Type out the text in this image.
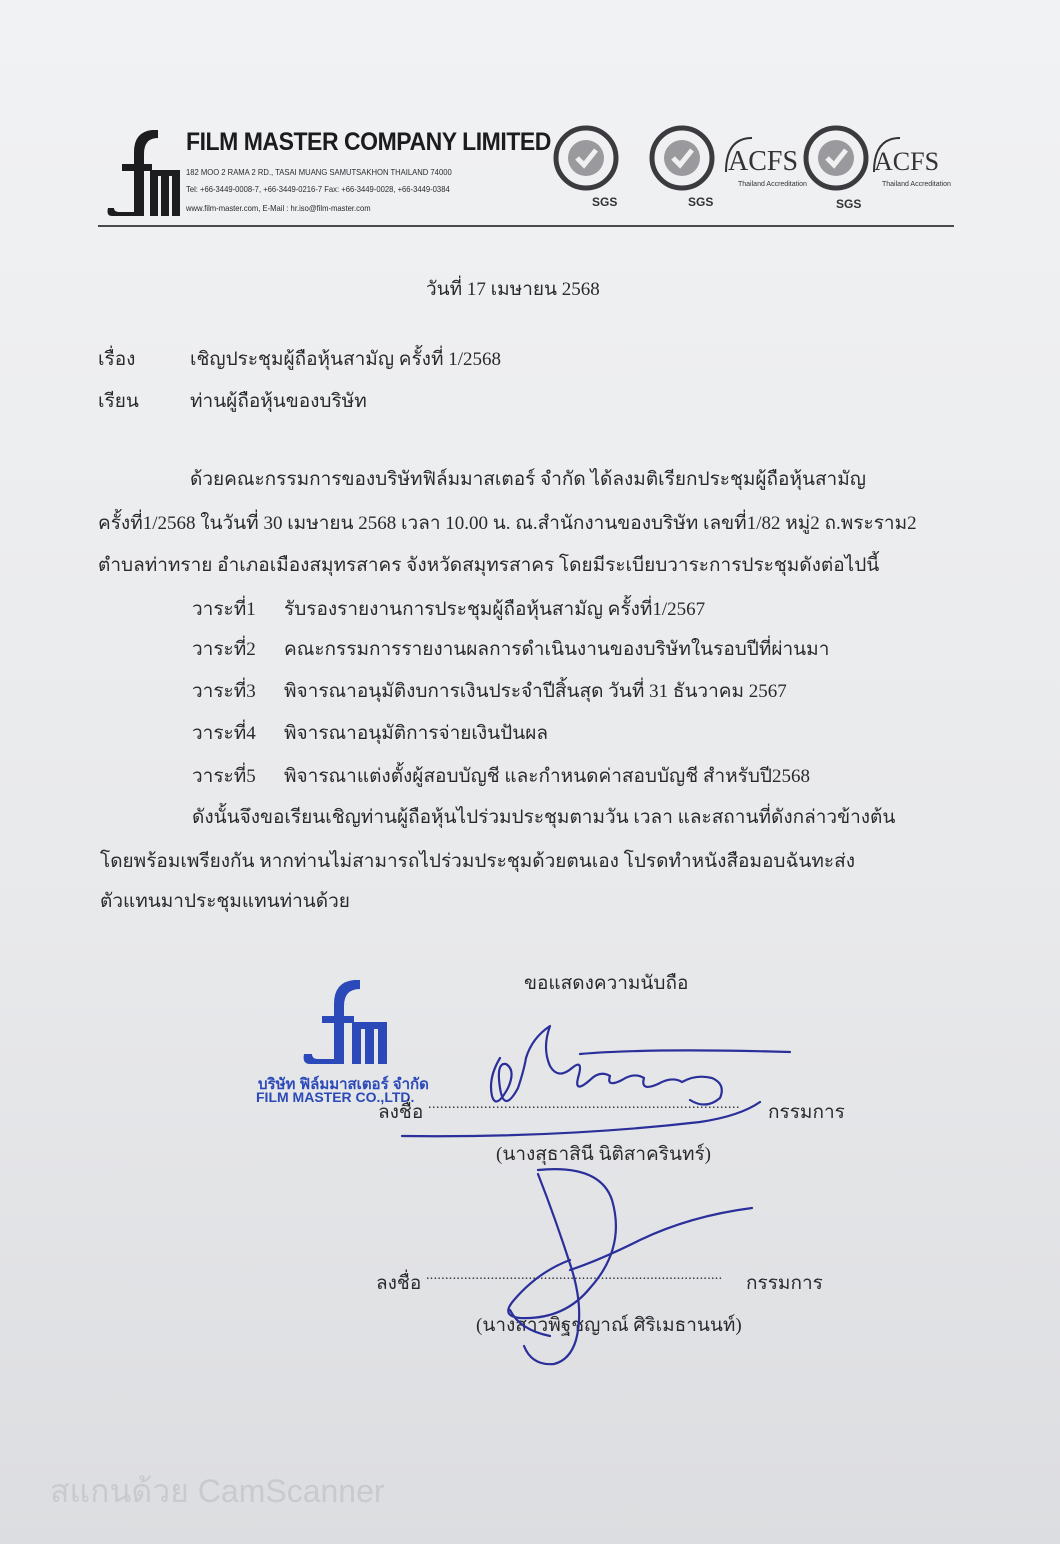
FILM MASTER COMPANY LIMITED
182 MOO 2 RAMA 2 RD., TASAI MUANG SAMUTSAKHON THAILAND 74000
Tel: +66-3449-0008-7, +66-3449-0216-7 Fax: +66-3449-0028, +66-3449-0384
www.film-master.com, E-Mail : hr.iso@film-master.com	SGS	SGS
ACFS
Thailand Accreditation
SGS
ACFS
Thailand Accreditation
วันที่ 17 เมษายน 2568
เรื่อง	เชิญประชุมผู้ถือหุ้นสามัญ ครั้งที่ 1/2568
เรียน	ท่านผู้ถือหุ้นของบริษัท
ด้วยคณะกรรมการของบริษัทฟิล์มมาสเตอร์ จำกัด ได้ลงมติเรียกประชุมผู้ถือหุ้นสามัญ
ครั้งที่1/2568 ในวันที่ 30 เมษายน 2568 เวลา 10.00 น. ณ.สำนักงานของบริษัท เลขที่1/82 หมู่2 ถ.พระราม2
ตำบลท่าทราย อำเภอเมืองสมุทรสาคร จังหวัดสมุทรสาคร โดยมีระเบียบวาระการประชุมดังต่อไปนี้
วาระที่1 รับรองรายงานการประชุมผู้ถือหุ้นสามัญ ครั้งที่1/2567
วาระที่2 คณะกรรมการรายงานผลการดำเนินงานของบริษัทในรอบปีที่ผ่านมา
วาระที่3 พิจารณาอนุมัติงบการเงินประจำปีสิ้นสุด วันที่ 31 ธันวาคม 2567
วาระที่4 พิจารณาอนุมัติการจ่ายเงินปันผล
วาระที่5 พิจารณาแต่งตั้งผู้สอบบัญชี และกำหนดค่าสอบบัญชี สำหรับปี2568
ดังนั้นจึงขอเรียนเชิญท่านผู้ถือหุ้นไปร่วมประชุมตามวัน เวลา และสถานที่ดังกล่าวข้างต้น
โดยพร้อมเพรียงกัน หากท่านไม่สามารถไปร่วมประชุมด้วยตนเอง โปรดทำหนังสือมอบฉันทะส่ง
ตัวแทนมาประชุมแทนท่านด้วย
ขอแสดงความนับถือ
บริษัท ฟิล์มมาสเตอร์ จำกัด
FILM MASTER CO.,LTD.
ลงชื่อ .............................................................................. กรรมการ
(นางสุธาสินี นิติสาครินทร์)
ลงชื่อ .............................................................................. กรรมการ
(นางสาวพิฐชญาณ์ ศิริเมธานนท์)
สแกนด้วย CamScanner
